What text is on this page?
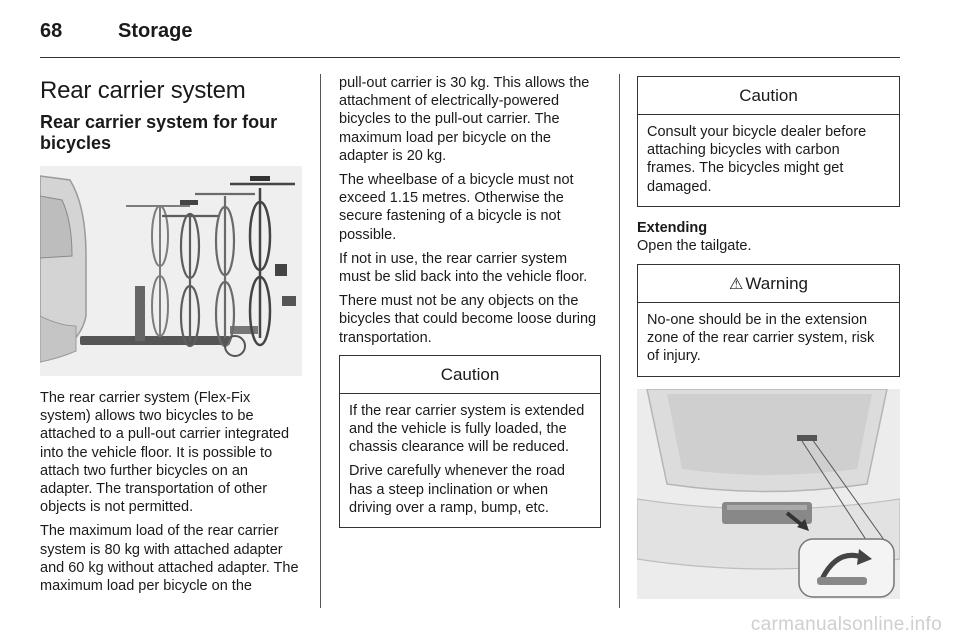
68	Storage
Rear carrier system
Rear carrier system for four bicycles

The rear carrier system (Flex-Fix system) allows two bicycles to be attached to a pull-out carrier integrated into the vehicle floor. It is possible to attach two further bicycles on an adapter. The transportation of other objects is not permitted.

The maximum load of the rear carrier system is 80 kg with attached adapter and 60 kg without attached adapter. The maximum load per bicycle on the

pull-out carrier is 30 kg. This allows the attachment of electrically-powered bicycles to the pull-out carrier. The maximum load per bicycle on the adapter is 20 kg.

The wheelbase of a bicycle must not exceed 1.15 metres. Otherwise the secure fastening of a bicycle is not possible.

If not in use, the rear carrier system must be slid back into the vehicle floor.

There must not be any objects on the bicycles that could become loose during transportation.

Caution

If the rear carrier system is extended and the vehicle is fully loaded, the chassis clearance will be reduced.

Drive carefully whenever the road has a steep inclination or when driving over a ramp, bump, etc.

Caution

Consult your bicycle dealer before attaching bicycles with carbon frames. The bicycles might get damaged.

Extending

Open the tailgate.

⚠ Warning

No-one should be in the extension zone of the rear carrier system, risk of injury.

carmanualsonline.info
